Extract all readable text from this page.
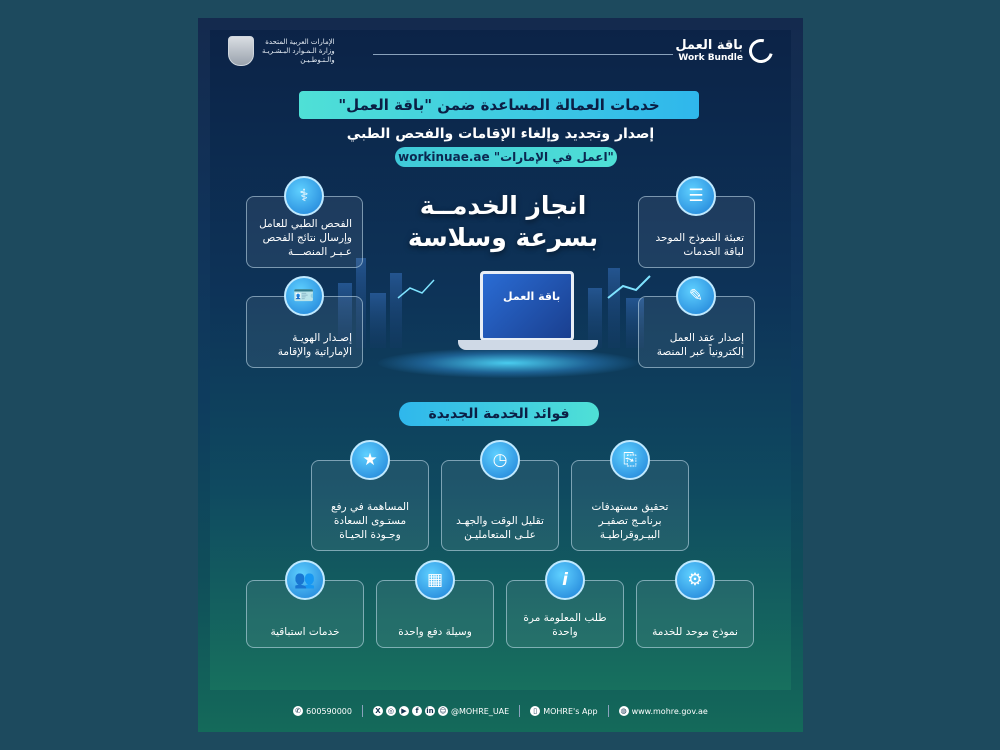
الإمارات العربية المتحدة
وزارة الـمـوارد البـشـريـة
والـتـوطـيـن
باقة العمل
Work Bundle
خدمات العمالة المساعدة ضمن "باقة العمل"
إصدار وتجديد وإلغاء الإقامات والفحص الطبي
"اعمل في الإمارات" workinuae.ae
انجاز الخدمــة
بسرعة وسلاسة
باقة العمل
الفحص الطبي للعامل وإرسال نتائج الفحص عـبـر المنصـــة
⚕
إصـدار الهويـة الإماراتية والإقامة
🪪
تعبئة النموذج الموحد لباقة الخدمات
☰
إصدار عقد العمل إلكترونياً عبر المنصة
✎
فوائد الخدمة الجديدة
المساهمة في رفع مستـوى السعادة وجـودة الحيـاة
★
تقليل الوقت والجهـد علـى المتعامليـن
◷
تحقيق مستهدفات برنامـج تصفيـر البيـروقراطيـة
⎘
خدمات استباقية
👥
وسيلة دفع واحدة
▦
طلب المعلومة مرة واحدة
i
نموذج موحد للخدمة
⚙
✆ 600590000	X	◎	▶	f	in ☺ @MOHRE_UAE	▯ MOHRE's App	◍ www.mohre.gov.ae
